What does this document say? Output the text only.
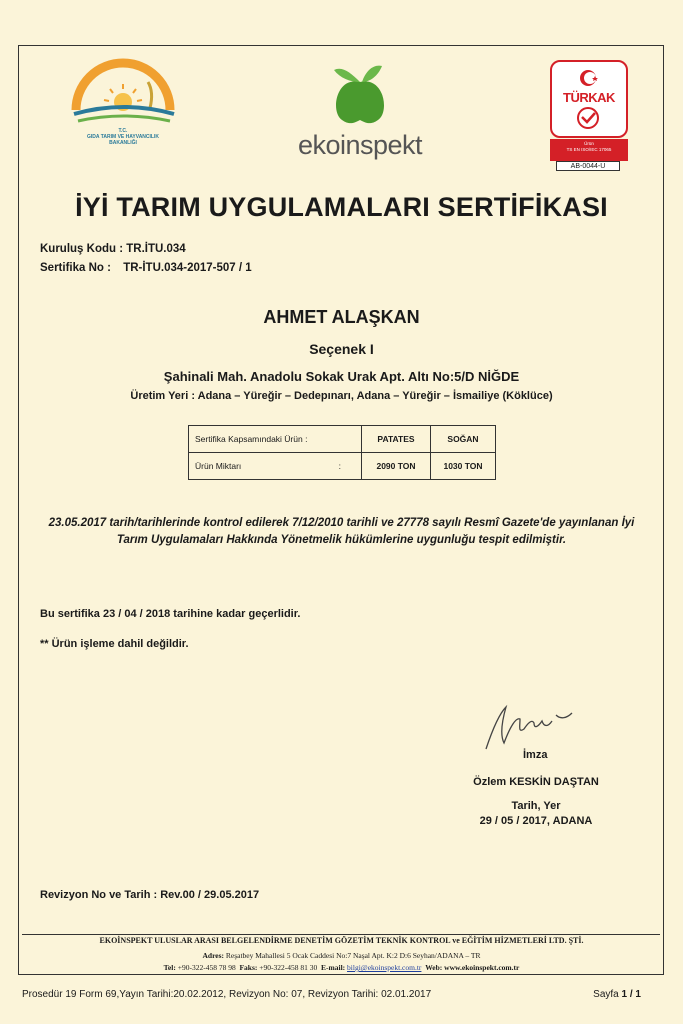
T.C.
GIDA TARIM VE HAYVANCILIK
BAKANLIĞI	ekoinspekt
TÜRKAK
Ürün
TS EN ISO/IEC 17065
AB-0044-U
İYİ TARIM UYGULAMALARI SERTİFİKASI
Kuruluş Kodu : TR.İTU.034
Sertifika No : TR-İTU.034-2017-507 / 1
AHMET ALAŞKAN
Seçenek I
Şahinali Mah. Anadolu Sokak Urak Apt. Altı No:5/D NİĞDE
Üretim Yeri : Adana – Yüreğir – Dedepınarı, Adana – Yüreğir – İsmailiye (Köklüce)
Sertifika Kapsamındaki Ürün :	PATATES	SOĞAN
Ürün Miktarı :	2090 TON	1030 TON
23.05.2017 tarih/tarihlerinde kontrol edilerek 7/12/2010 tarihli ve 27778 sayılı Resmî Gazete'de yayınlanan İyi
Tarım Uygulamaları Hakkında Yönetmelik hükümlerine uygunluğu tespit edilmiştir.
Bu sertifika 23 / 04 / 2018 tarihine kadar geçerlidir.
** Ürün işleme dahil değildir.
İmza
Özlem KESKİN DAŞTAN
Tarih, Yer
29 / 05 / 2017, ADANA
Revizyon No ve Tarih : Rev.00 / 29.05.2017
EKOİNSPEKT ULUSLAR ARASI BELGELENDİRME DENETİM GÖZETİM TEKNİK KONTROL ve EĞİTİM HİZMETLERİ LTD. ŞTİ.
Adres: Reşatbey Mahallesi 5 Ocak Caddesi No:7 Naşal Apt. K:2 D:6 Seyhan/ADANA – TR
Tel: +90-322-458 78 98 Faks: +90-322-458 81 30 E-mail: bilgi@ekoinspekt.com.tr Web: www.ekoinspekt.com.tr
Prosedür 19 Form 69,Yayın Tarihi:20.02.2012, Revizyon No: 07, Revizyon Tarihi: 02.01.2017	Sayfa 1 / 1
